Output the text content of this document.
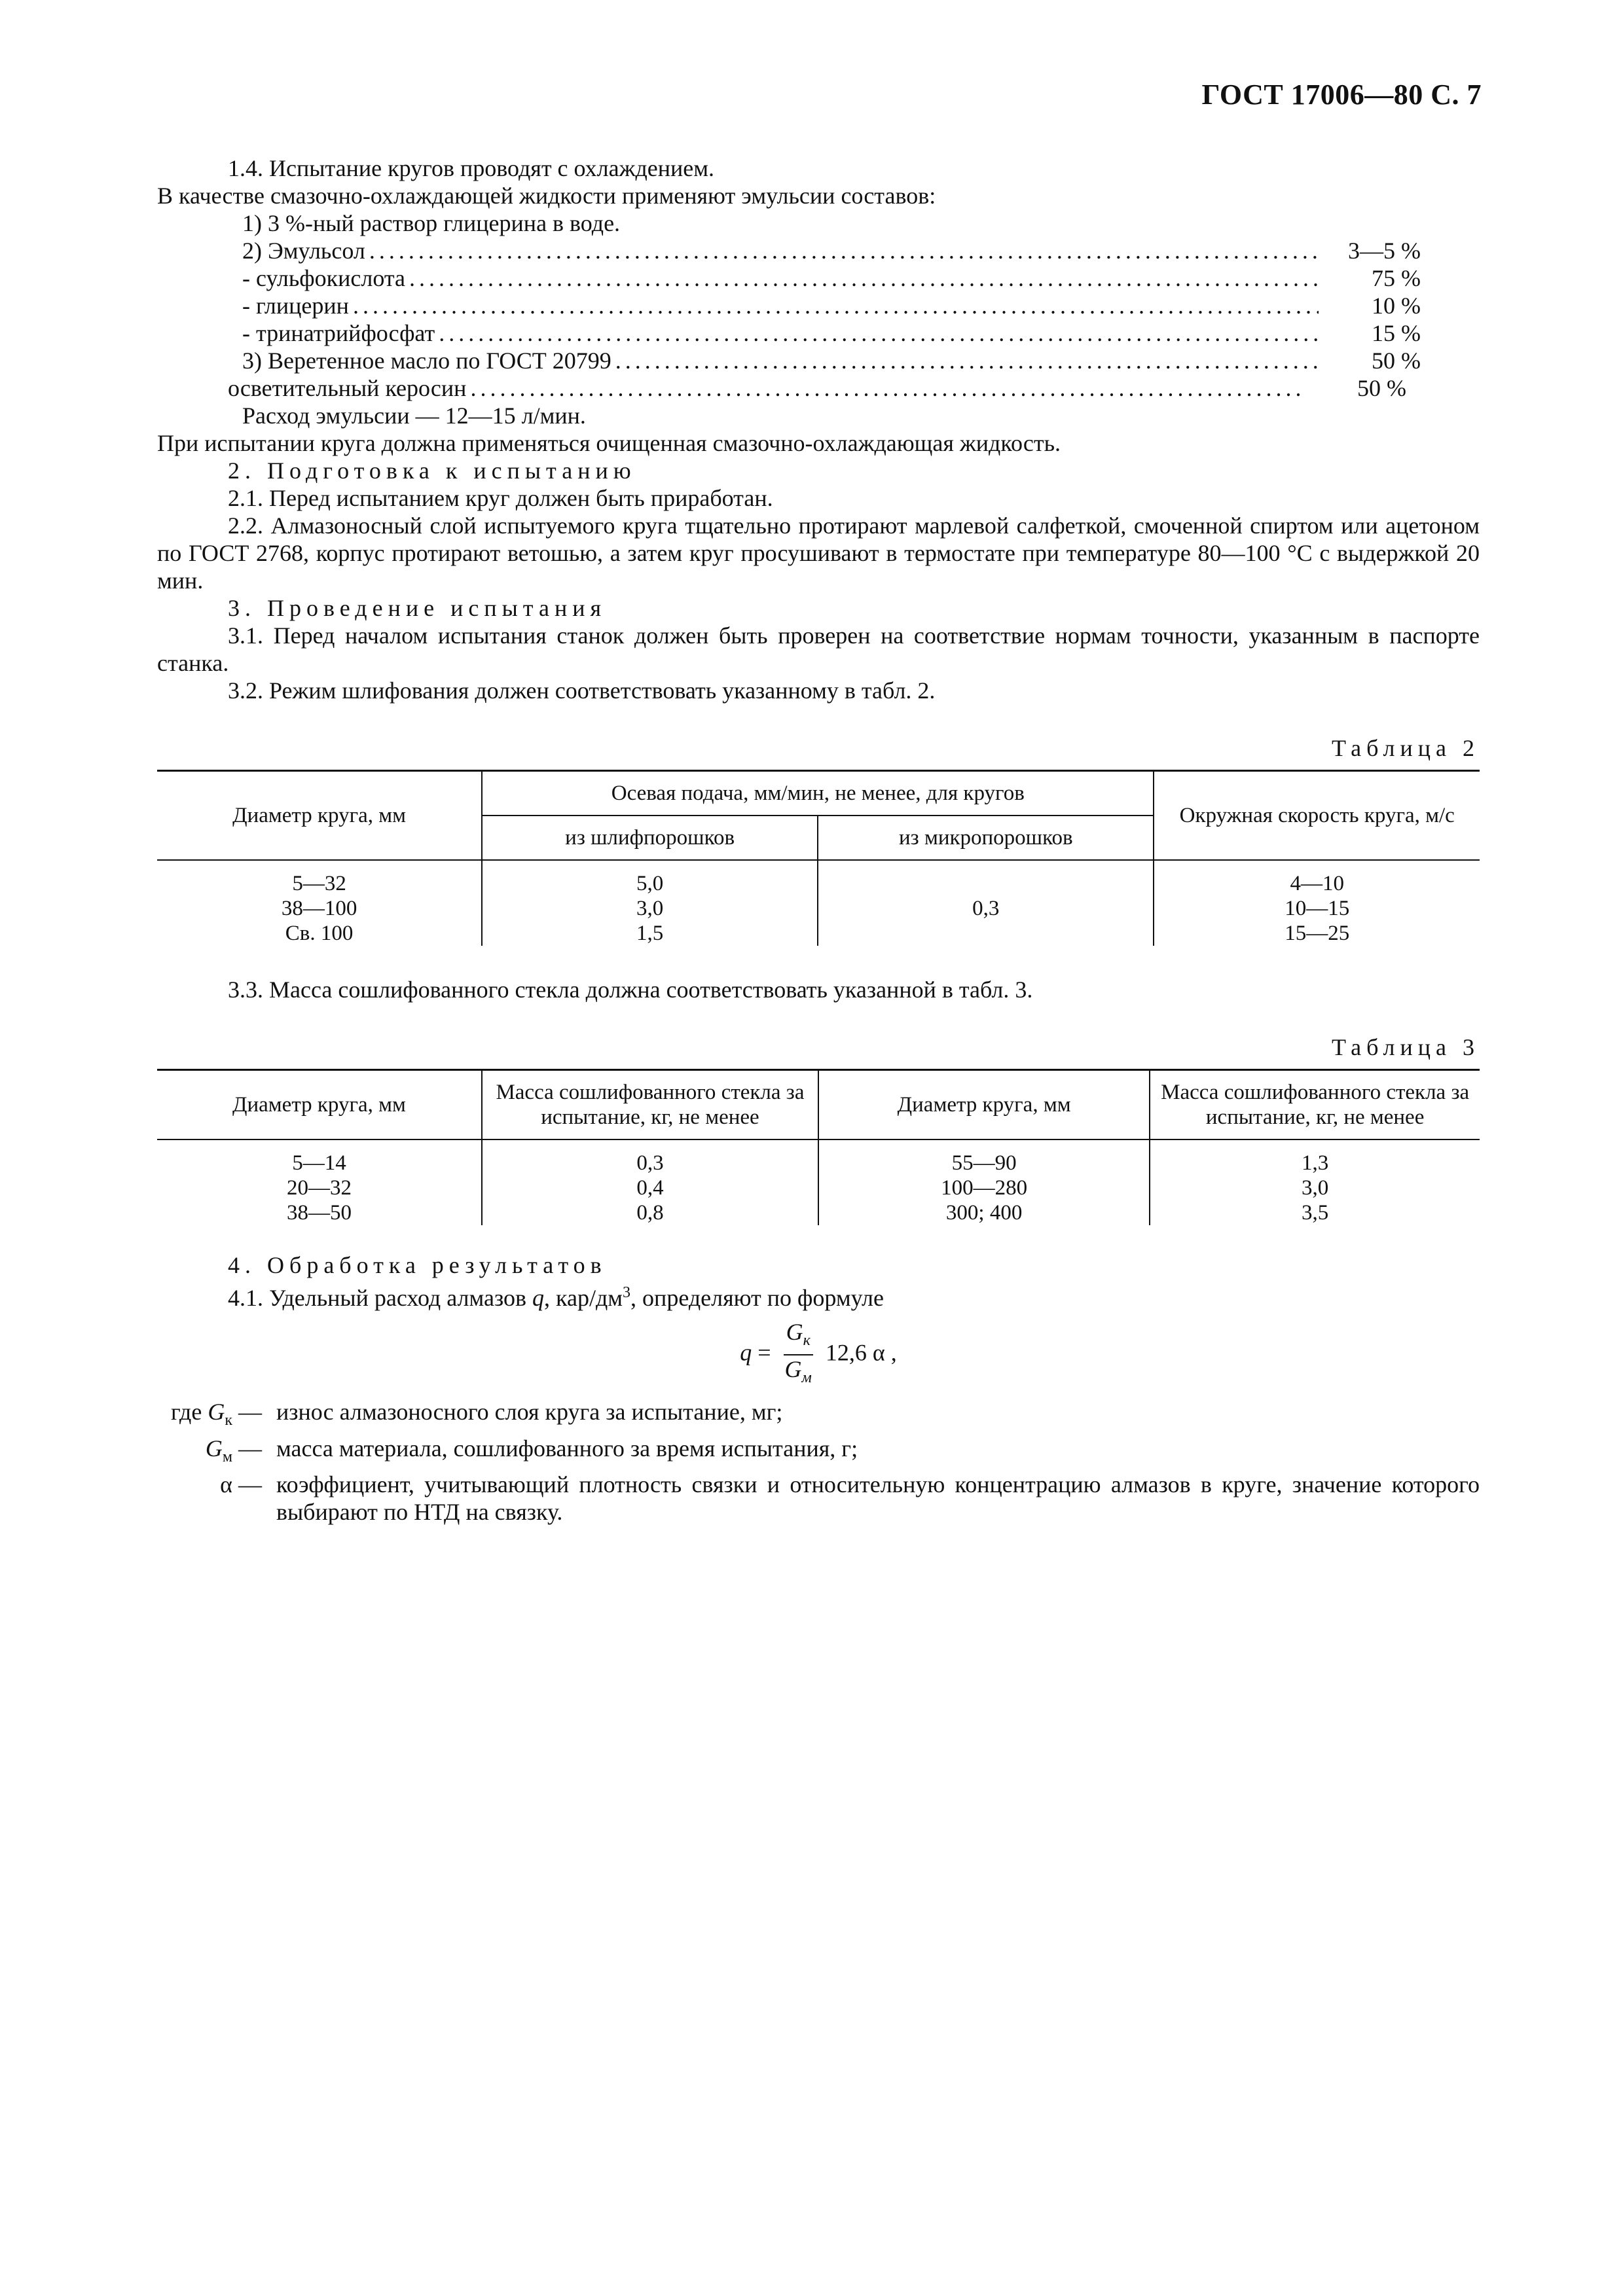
ГОСТ 17006—80 С. 7

1.4. Испытание кругов проводят с охлаждением.

В качестве смазочно-охлаждающей жидкости применяют эмульсии составов:

1) 3 %-ный раствор глицерина в воде.

2) Эмульсол .....	3—5 %
- сульфокислота .....	75 %
- глицерин .....	10 %
- тринатрийфосфат .....	15 %
3) Веретенное масло по ГОСТ 20799 .....	50 %
осветительный керосин .....	50 %

Расход эмульсии — 12—15 л/мин.

При испытании круга должна применяться очищенная смазочно-охлаждающая жидкость.

2. Подготовка к испытанию

2.1. Перед испытанием круг должен быть приработан.

2.2. Алмазоносный слой испытуемого круга тщательно протирают марлевой салфеткой, смоченной спиртом или ацетоном по ГОСТ 2768, корпус протирают ветошью, а затем круг просушивают в термостате при температуре 80—100 °С с выдержкой 20 мин.

3. Проведение испытания

3.1. Перед началом испытания станок должен быть проверен на соответствие нормам точности, указанным в паспорте станка.

3.2. Режим шлифования должен соответствовать указанному в табл. 2.

Таблица 2
Диаметр круга, мм	Осевая подача, мм/мин, не менее, для кругов		Окружная скорость круга, м/с
	из шлифпорошков	из микропорошков	
5—32	5,0	0,3	4—10
38—100	3,0		10—15
Св. 100	1,5		15—25

3.3. Масса сошлифованного стекла должна соответствовать указанной в табл. 3.

Таблица 3
Диаметр круга, мм	Масса сошлифованного стекла за испытание, кг, не менее	Диаметр круга, мм	Масса сошлифованного стекла за испытание, кг, не менее
5—14	0,3	55—90	1,3
20—32	0,4	100—280	3,0
38—50	0,8	300; 400	3,5

4. Обработка результатов

4.1. Удельный расход алмазов q, кар/$дм^3$, определяют по формуле

$q = \frac{G_к}{G_м} 12,6$ α ,
где $G_к$ — износ алмазоносного слоя круга за испытание, мг;
$G_м$ — масса материала, сошлифованного за время испытания, г;
α — коэффициент, учитывающий плотность связки и относительную концентрацию алмазов в круге, значение которого выбирают по НТД на связку.
